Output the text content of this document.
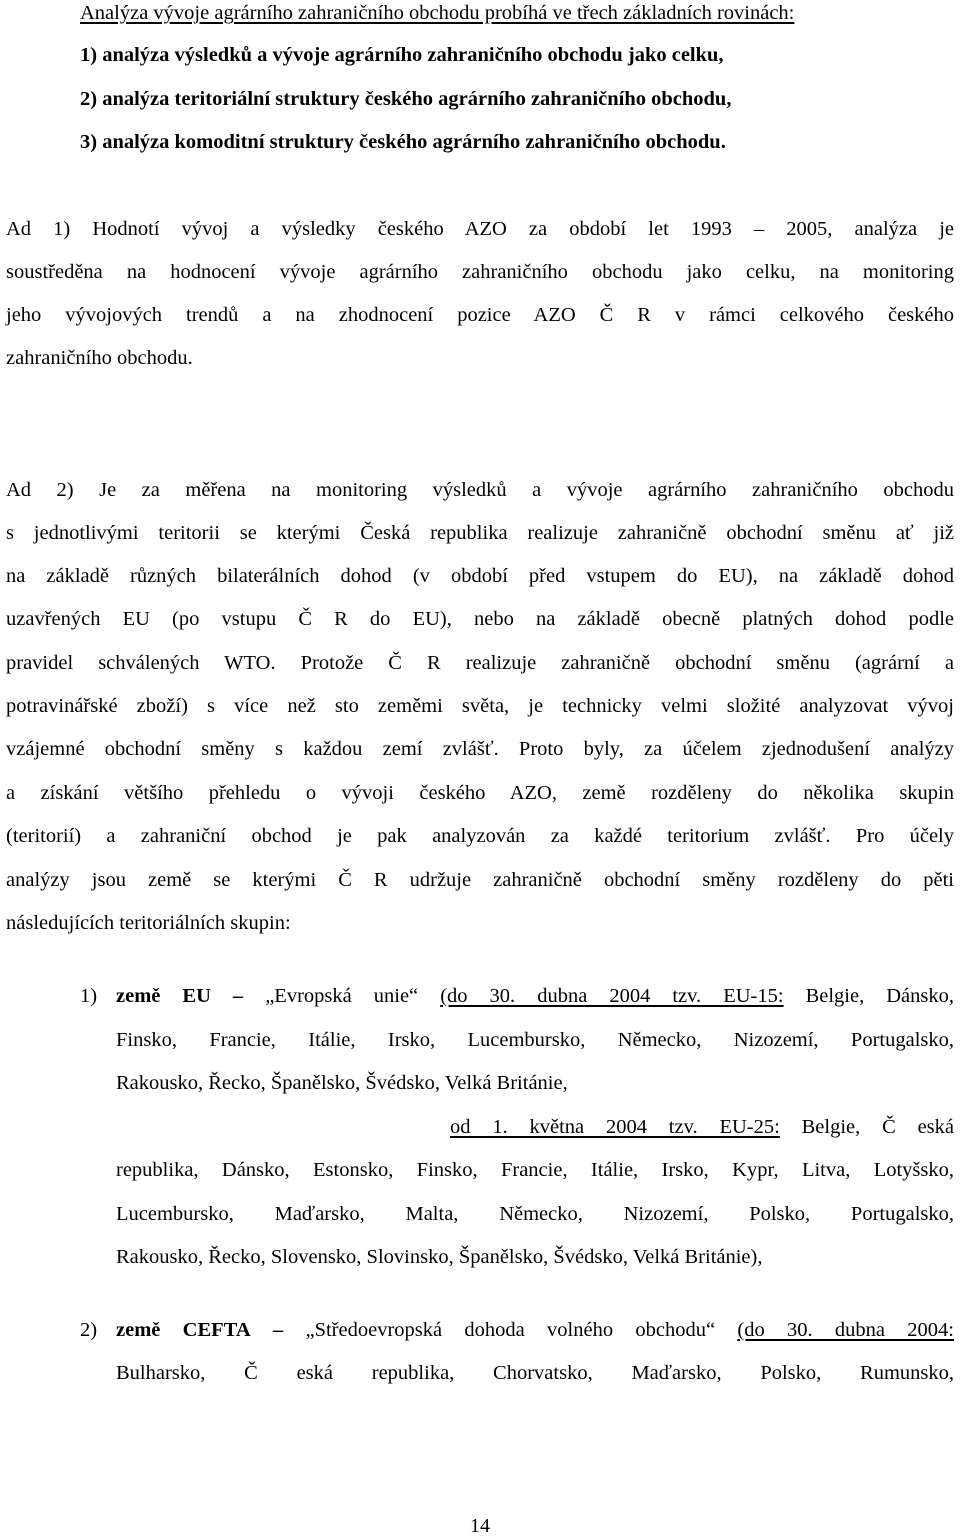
Analýza vývoje agrárního zahraničního obchodu probíhá ve třech základních rovinách:
1) analýza výsledků a vývoje agrárního zahraničního obchodu jako celku,
2) analýza teritoriální struktury českého agrárního zahraničního obchodu,
3) analýza komoditní struktury českého agrárního zahraničního obchodu.
Ad 1) Hodnotí vývoj a výsledky českého AZO za období let 1993 – 2005, analýza je
soustředěna na hodnocení vývoje agrárního zahraničního obchodu jako celku, na monitoring
jeho vývojových trendů a na zhodnocení pozice AZO Č R v rámci celkového českého
zahraničního obchodu.
Ad 2) Je za měřena na monitoring výsledků a vývoje agrárního zahraničního obchodu
s jednotlivými teritorii se kterými Česká republika realizuje zahraničně obchodní směnu ať již
na základě různých bilaterálních dohod (v období před vstupem do EU), na základě dohod
uzavřených EU (po vstupu Č R do EU), nebo na základě obecně platných dohod podle
pravidel schválených WTO. Protože Č R realizuje zahraničně obchodní směnu (agrární a
potravinářské zboží) s více než sto zeměmi světa, je technicky velmi složité analyzovat vývoj
vzájemné obchodní směny s každou zemí zvlášť. Proto byly, za účelem zjednodušení analýzy
a získání většího přehledu o vývoji českého AZO, země rozděleny do několika skupin
(teritorií) a zahraniční obchod je pak analyzován za každé teritorium zvlášť. Pro účely
analýzy jsou země se kterými Č R udržuje zahraničně obchodní směny rozděleny do pěti
následujících teritoriálních skupin:
1) země EU – „Evropská unie“ (do 30. dubna 2004 tzv. EU-15: Belgie, Dánsko,
Finsko, Francie, Itálie, Irsko, Lucembursko, Německo, Nizozemí, Portugalsko,
Rakousko, Řecko, Španělsko, Švédsko, Velká Británie,
od 1. května 2004 tzv. EU-25: Belgie, Č eská
republika, Dánsko, Estonsko, Finsko, Francie, Itálie, Irsko, Kypr, Litva, Lotyšsko,
Lucembursko, Maďarsko, Malta, Německo, Nizozemí, Polsko, Portugalsko,
Rakousko, Řecko, Slovensko, Slovinsko, Španělsko, Švédsko, Velká Británie),
2) země CEFTA – „Středoevropská dohoda volného obchodu“ (do 30. dubna 2004:
Bulharsko, Č eská republika, Chorvatsko, Maďarsko, Polsko, Rumunsko,
14
